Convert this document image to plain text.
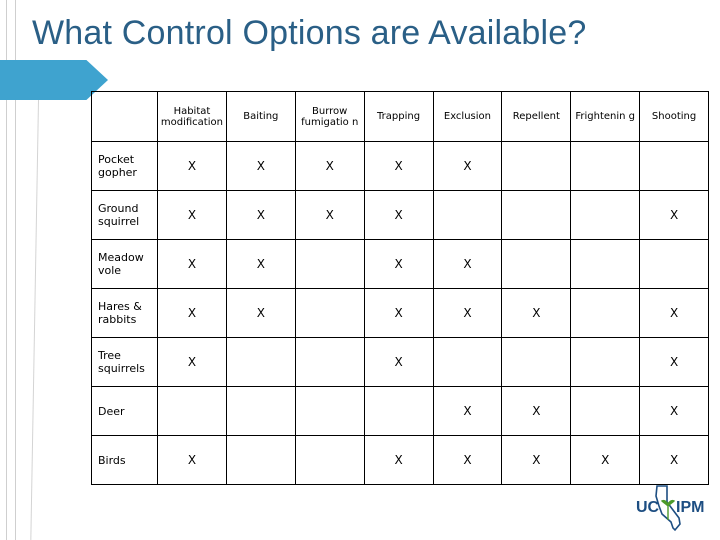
What Control Options are Available?
	Habitat modification	Baiting	Burrow fumigatio n	Trapping	Exclusion	Repellent	Frightenin g	Shooting
Pocket gopher	X	X	X	X	X			
Ground squirrel	X	X	X	X				X
Meadow vole	X	X		X	X			
Hares & rabbits	X	X		X	X	X		X
Tree squirrels	X			X				X
Deer					X	X		X
Birds	X			X	X	X	X	X
UC IPM
